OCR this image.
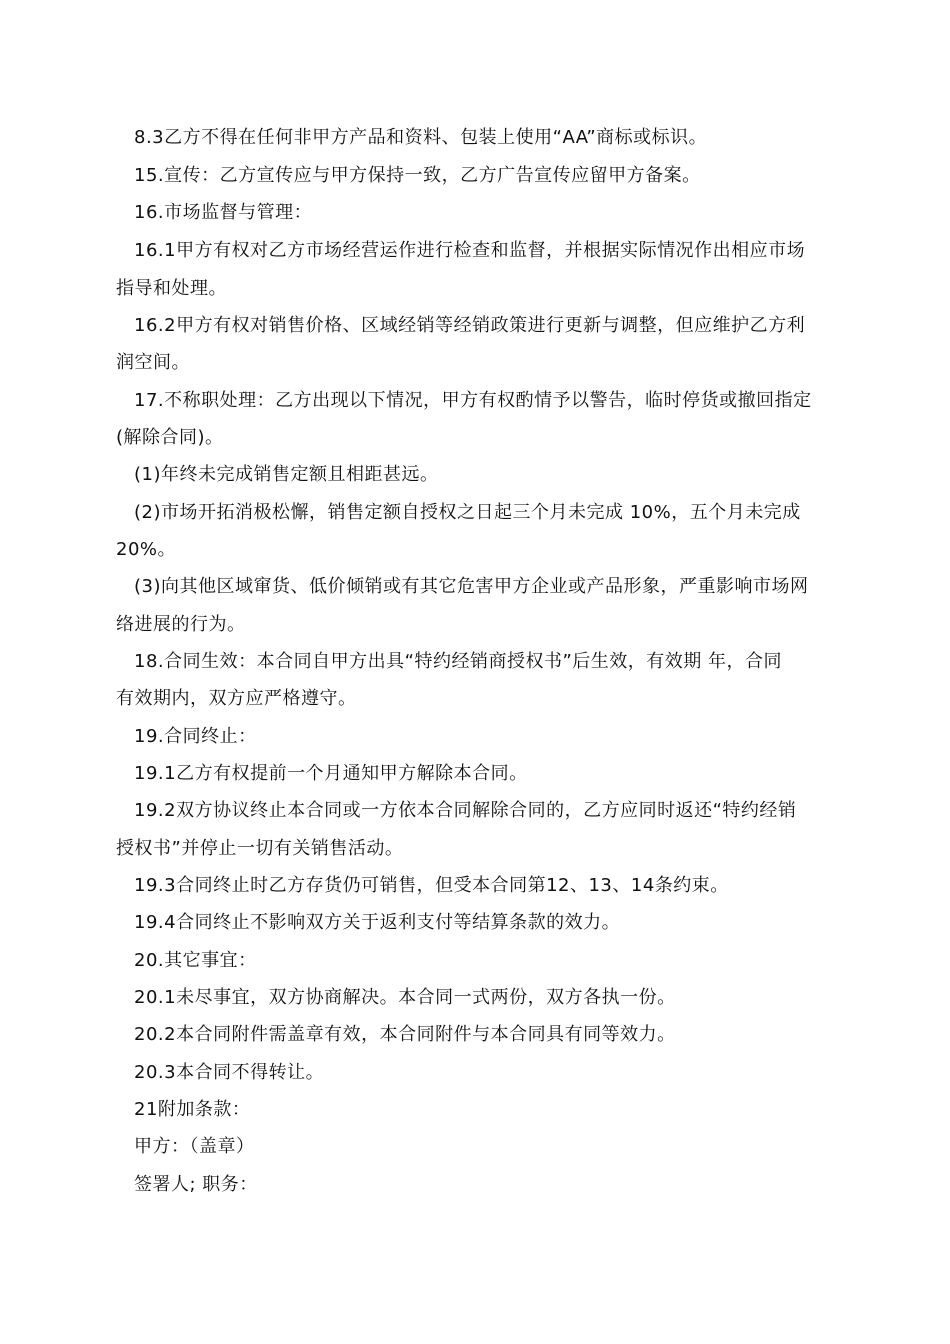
8.3乙方不得在任何非甲方产品和资料、包装上使用“AA”商标或标识。
15.宣传：乙方宣传应与甲方保持一致，乙方广告宣传应留甲方备案。
16.市场监督与管理：
16.1甲方有权对乙方市场经营运作进行检查和监督，并根据实际情况作出相应市场
指导和处理。
16.2甲方有权对销售价格、区域经销等经销政策进行更新与调整，但应维护乙方利
润空间。
17.不称职处理：乙方出现以下情况，甲方有权酌情予以警告，临时停货或撤回指定
(解除合同)。
(1)年终未完成销售定额且相距甚远。
(2)市场开拓消极松懈，销售定额自授权之日起三个月未完成 10%，五个月未完成
20%。
(3)向其他区域窜货、低价倾销或有其它危害甲方企业或产品形象，严重影响市场网
络进展的行为。
18.合同生效：本合同自甲方出具“特约经销商授权书”后生效，有效期 年，合同
有效期内，双方应严格遵守。
19.合同终止：
19.1乙方有权提前一个月通知甲方解除本合同。
19.2双方协议终止本合同或一方依本合同解除合同的，乙方应同时返还“特约经销
授权书”并停止一切有关销售活动。
19.3合同终止时乙方存货仍可销售，但受本合同第12、13、14条约束。
19.4合同终止不影响双方关于返利支付等结算条款的效力。
20.其它事宜：
20.1未尽事宜，双方协商解决。本合同一式两份，双方各执一份。
20.2本合同附件需盖章有效，本合同附件与本合同具有同等效力。
20.3本合同不得转让。
21附加条款：
甲方：（盖章）
签署人; 职务：
